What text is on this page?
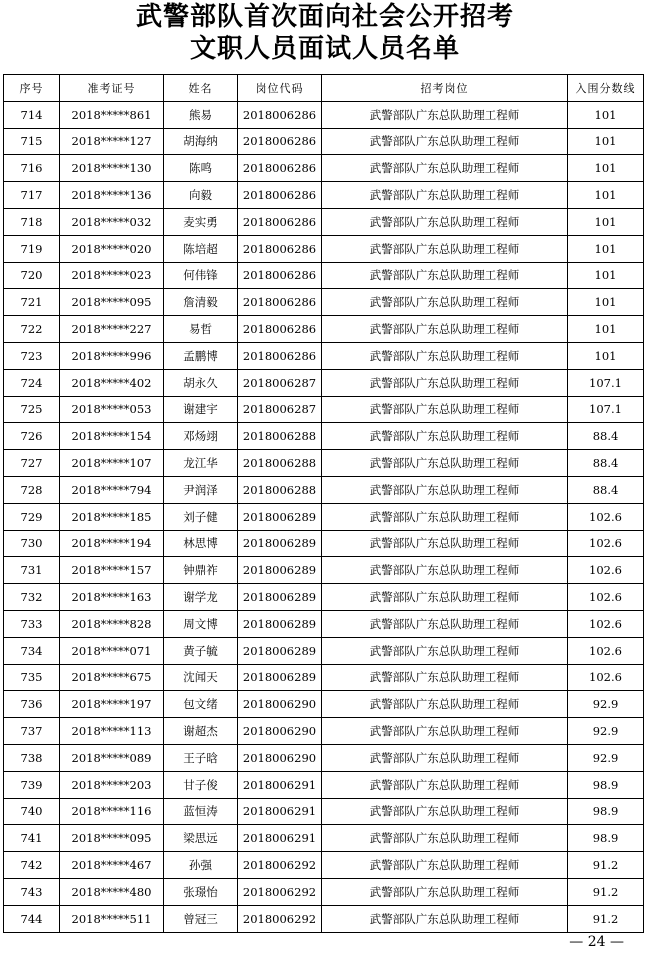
武警部队首次面向社会公开招考
文职人员面试人员名单
序号	准考证号	姓名	岗位代码	招考岗位	入围分数线
714	2018*****861	熊易	2018006286	武警部队广东总队助理工程师	101
715	2018*****127	胡海纳	2018006286	武警部队广东总队助理工程师	101
716	2018*****130	陈鸣	2018006286	武警部队广东总队助理工程师	101
717	2018*****136	向毅	2018006286	武警部队广东总队助理工程师	101
718	2018*****032	麦实勇	2018006286	武警部队广东总队助理工程师	101
719	2018*****020	陈培超	2018006286	武警部队广东总队助理工程师	101
720	2018*****023	何伟锋	2018006286	武警部队广东总队助理工程师	101
721	2018*****095	詹清毅	2018006286	武警部队广东总队助理工程师	101
722	2018*****227	易哲	2018006286	武警部队广东总队助理工程师	101
723	2018*****996	孟鹏博	2018006286	武警部队广东总队助理工程师	101
724	2018*****402	胡永久	2018006287	武警部队广东总队助理工程师	107.1
725	2018*****053	谢建宇	2018006287	武警部队广东总队助理工程师	107.1
726	2018*****154	邓炀翊	2018006288	武警部队广东总队助理工程师	88.4
727	2018*****107	龙江华	2018006288	武警部队广东总队助理工程师	88.4
728	2018*****794	尹润泽	2018006288	武警部队广东总队助理工程师	88.4
729	2018*****185	刘子健	2018006289	武警部队广东总队助理工程师	102.6
730	2018*****194	林思博	2018006289	武警部队广东总队助理工程师	102.6
731	2018*****157	钟鼎祚	2018006289	武警部队广东总队助理工程师	102.6
732	2018*****163	谢学龙	2018006289	武警部队广东总队助理工程师	102.6
733	2018*****828	周文博	2018006289	武警部队广东总队助理工程师	102.6
734	2018*****071	黄子毓	2018006289	武警部队广东总队助理工程师	102.6
735	2018*****675	沈闻天	2018006289	武警部队广东总队助理工程师	102.6
736	2018*****197	包文绪	2018006290	武警部队广东总队助理工程师	92.9
737	2018*****113	谢超杰	2018006290	武警部队广东总队助理工程师	92.9
738	2018*****089	王子晗	2018006290	武警部队广东总队助理工程师	92.9
739	2018*****203	甘子俊	2018006291	武警部队广东总队助理工程师	98.9
740	2018*****116	蓝恒涛	2018006291	武警部队广东总队助理工程师	98.9
741	2018*****095	梁思远	2018006291	武警部队广东总队助理工程师	98.9
742	2018*****467	孙强	2018006292	武警部队广东总队助理工程师	91.2
743	2018*****480	张璟怡	2018006292	武警部队广东总队助理工程师	91.2
744	2018*****511	曾冠三	2018006292	武警部队广东总队助理工程师	91.2
— 24 —
